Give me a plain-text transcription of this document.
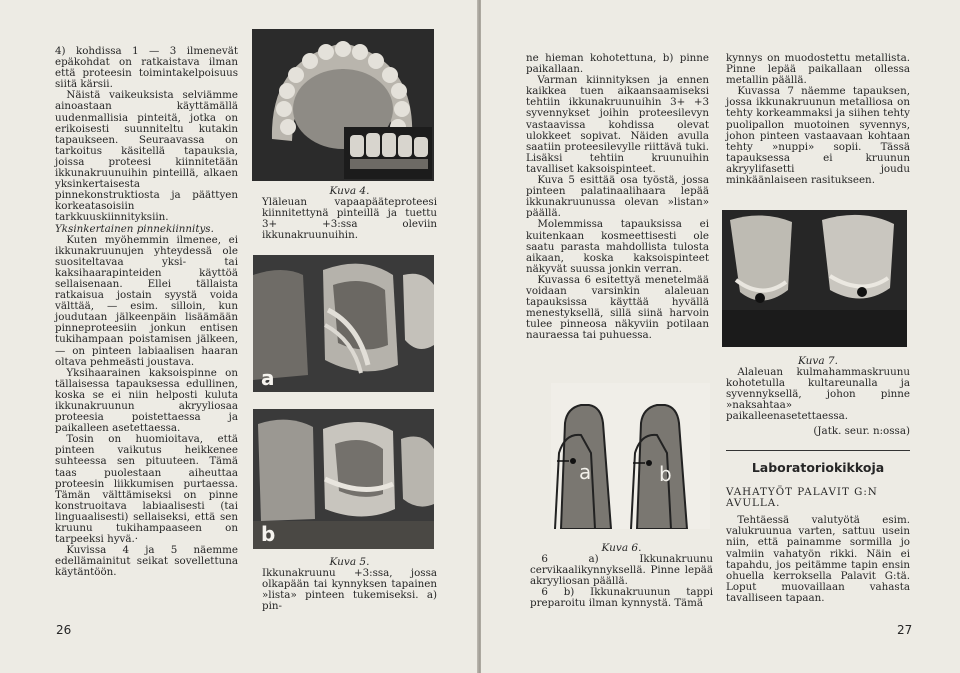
4) kohdissa 1 — 3 ilmenevät epäkohdat on ratkaistava ilman että proteesin toimintakelpoisuus siitä kärsii.

Näistä vaikeuksista selviämme ainoastaan käyttämällä uudenmallisia pinteitä, jotka on erikoisesti suunniteltu kutakin tapaukseen. Seuraavassa on tarkoitus käsitellä tapauksia, joissa proteesi kiinnitetään ikkunakruunuihin pinteillä, alkaen yksinkertaisesta pinnekonstruktiosta ja päättyen korkeatasoisiin tarkkuuskiinnityksiin.

Yksinkertainen pinnekiinnitys.

Kuten myöhemmin ilmenee, ei ikkunakruunujen yhteydessä ole suositeltavaa yksi- tai kaksihaarapinteiden käyttöä sellaisenaan. Ellei tällaista ratkaisua jostain syystä voida välttää, — esim. silloin, kun joudutaan jälkeenpäin lisäämään pinneproteesiin jonkun entisen tukihampaan poistamisen jälkeen, — on pinteen labiaalisen haaran oltava pehmeästi joustava.

Yksihaarainen kaksoispinne on tällaisessa tapauksessa edullinen, koska se ei niin helposti kuluta ikkunakruunun akryyliosaa proteesia poistettaessa ja paikalleen asetettaessa.

Tosin on huomioitava, että pinteen vaikutus heikkenee suhteessa sen pituuteen. Tämä taas puolestaan aiheuttaa proteesin liikkumisen purtaessa. Tämän välttämiseksi on pinne konstruoitava labiaalisesti (tai linguaalisesti) sellaiseksi, että sen kruunu tukihampaaseen on tarpeeksi hyvä.·

Kuvissa 4 ja 5 näemme edellämainitut seikat sovellettuna käytäntöön.

Kuva 4.

Yläleuan vapaapääteproteesi kiinnitettynä pinteillä ja tuettu 3+ +3:ssa oleviin ikkunakruunuihin.

a
b

Kuva 5.

Ikkunakruunu +3:ssa, jossa olkapään tai kynnyksen tapainen »lista» pinteen tukemiseksi. a) pin-

26

ne hieman kohotettuna, b) pinne paikallaan.

Varman kiinnityksen ja ennen kaikkea tuen aikaansaamiseksi tehtiin ikkunakruunuihin 3+ +3 syvennykset joihin proteesilevyn vastaavissa kohdissa olevat ulokkeet sopivat. Näiden avulla saatiin proteesilevylle riittävä tuki. Lisäksi tehtiin kruunuihin tavalliset kaksoispinteet.

Kuva 5 esittää osa työstä, jossa pinteen palatinaalihaara lepää ikkunakruunussa olevan »listan» päällä.

Molemmissa tapauksissa ei kuitenkaan kosmeettisesti ole saatu parasta mahdollista tulosta aikaan, koska kaksoispinteet näkyvät suussa jonkin verran.

Kuvassa 6 esitettyä menetelmää voidaan varsinkin alaleuan tapauksissa käyttää hyvällä menestyksellä, sillä siinä harvoin tulee pinneosa näkyviin potilaan nauraessa tai puhuessa.

a	b

Kuva 6.

6 a) Ikkunakruunu cervikaalikynnyksellä. Pinne lepää akryyliosan päällä.

6 b) Ikkunakruunun tappi preparoitu ilman kynnystä. Tämä

kynnys on muodostettu metallista. Pinne lepää paikallaan ollessa metallin päällä.

Kuvassa 7 näemme tapauksen, jossa ikkunakruunun metalliosa on tehty korkeammaksi ja siihen tehty puolipallon muotoinen syvennys, johon pinteen vastaavaan kohtaan tehty »nuppi» sopii. Tässä tapauksessa ei kruunun akryylifasetti joudu minkäänlaiseen rasitukseen.

Kuva 7.

Alaleuan kulmahammaskruunu kohotetulla kultareunalla ja syvennyksellä, johon pinne »naksahtaa» paikalleenasetettaessa.

(Jatk. seur. n:ossa)

Laboratoriokikkoja

VAHATYÖT PALAVIT G:N AVULLA.

Tehtäessä valutyötä esim. valukruunua varten, sattuu usein niin, että painamme sormilla jo valmiin vahatyön rikki. Näin ei tapahdu, jos peitämme tapin ensin ohuella kerroksella Palavit G:tä. Loput muovaillaan vahasta tavalliseen tapaan.

27
